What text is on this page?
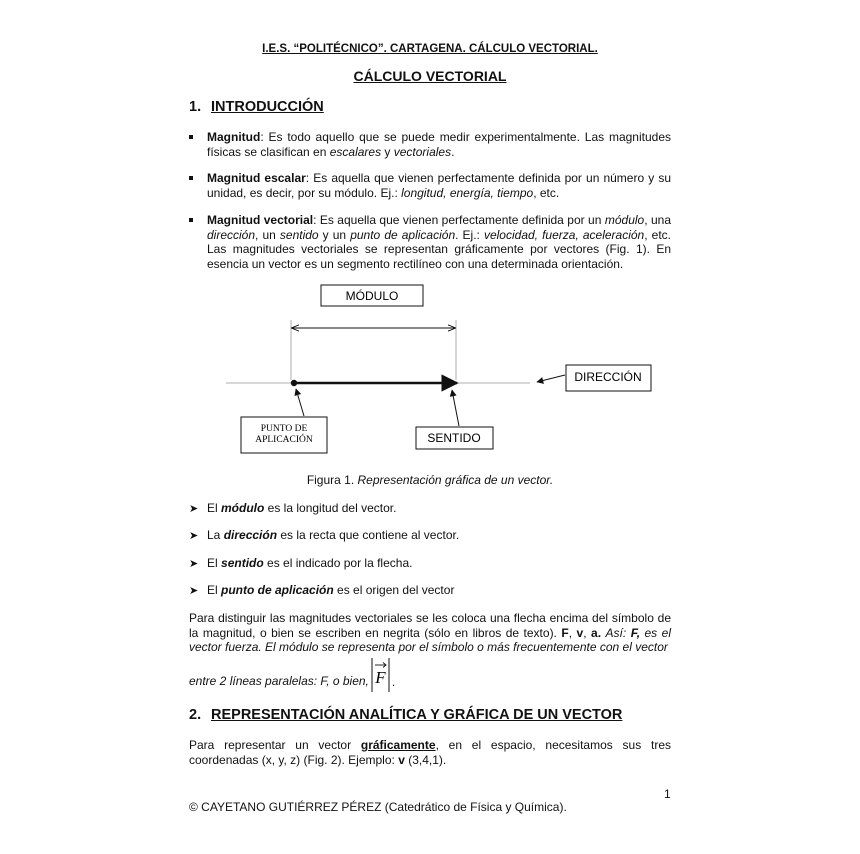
I.E.S. “POLITÉCNICO”. CARTAGENA. CÁLCULO VECTORIAL.
CÁLCULO VECTORIAL
1. INTRODUCCIÓN
Magnitud: Es todo aquello que se puede medir experimentalmente. Las magnitudes físicas se clasifican en escalares y vectoriales.
Magnitud escalar: Es aquella que vienen perfectamente definida por un número y su unidad, es decir, por su módulo. Ej.: longitud, energía, tiempo, etc.
Magnitud vectorial: Es aquella que vienen perfectamente definida por un módulo, una dirección, un sentido y un punto de aplicación. Ej.: velocidad, fuerza, aceleración, etc. Las magnitudes vectoriales se representan gráficamente por vectores (Fig. 1). En esencia un vector es un segmento rectilíneo con una determinada orientación.
MÓDULO
DIRECCIÓN
PUNTO DE
APLICACIÓN	SENTIDO
Figura 1. Representación gráfica de un vector.
➤ El módulo es la longitud del vector.
➤ La dirección es la recta que contiene al vector.
➤ El sentido es el indicado por la flecha.
➤ El punto de aplicación es el origen del vector
Para distinguir las magnitudes vectoriales se les coloca una flecha encima del símbolo de la magnitud, o bien se escriben en negrita (sólo en libros de texto). F, v, a. Así: F, es el vector fuerza. El módulo se representa por el símbolo o más frecuentemente con el vector
entre 2 líneas paralelas: F, o bien, F .
2. REPRESENTACIÓN ANALÍTICA Y GRÁFICA DE UN VECTOR
Para representar un vector gráficamente, en el espacio, necesitamos sus tres coordenadas (x, y, z) (Fig. 2). Ejemplo: v (3,4,1).
1
© CAYETANO GUTIÉRREZ PÉREZ (Catedrático de Física y Química).
